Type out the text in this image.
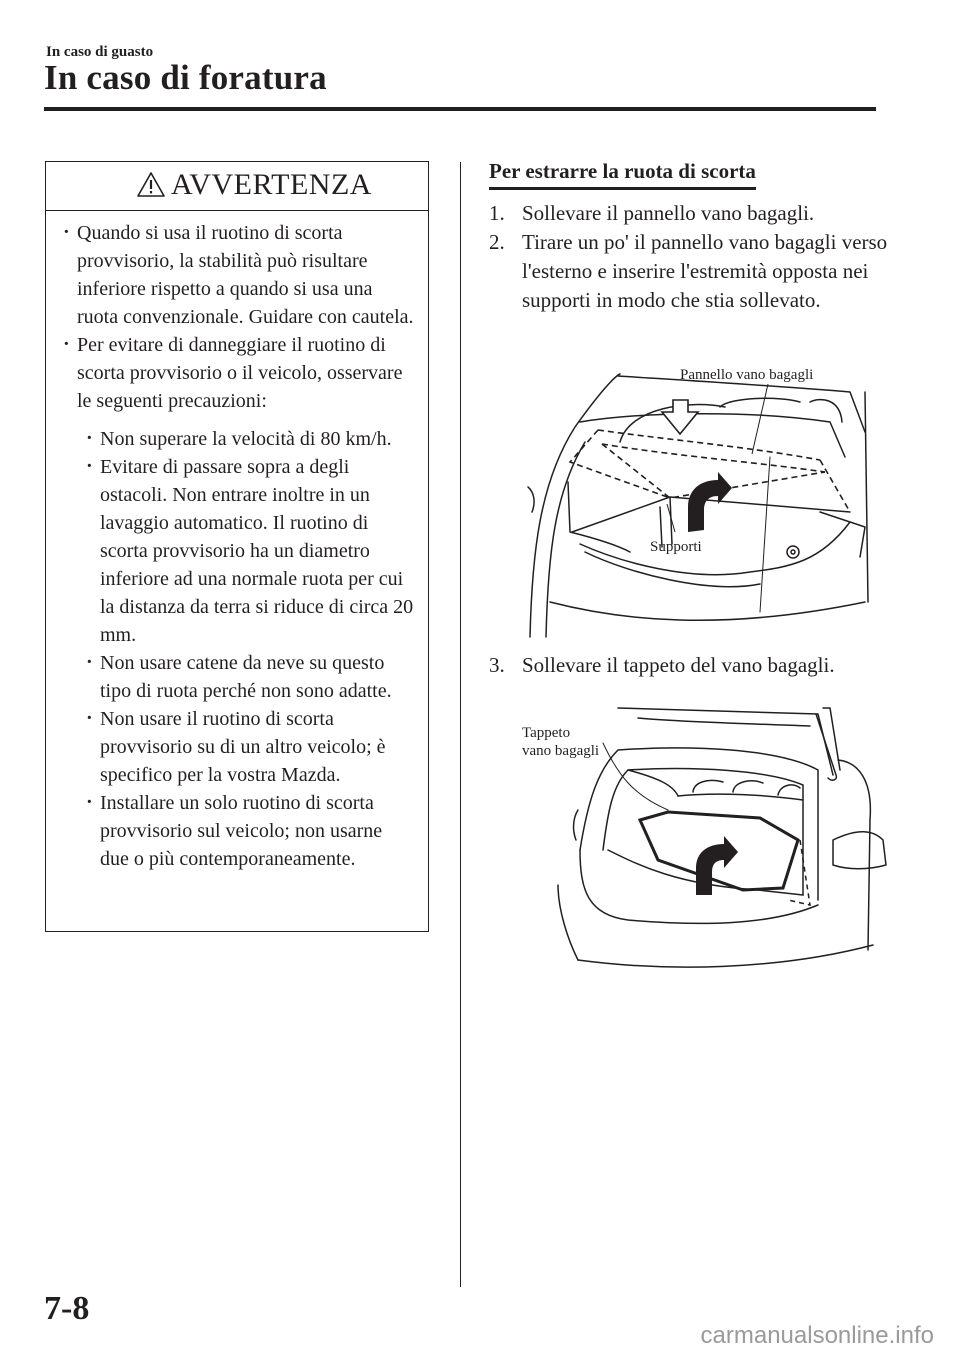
In caso di guasto
In caso di foratura
AVVERTENZA
· Quando si usa il ruotino di scorta provvisorio, la stabilità può risultare inferiore rispetto a quando si usa una ruota convenzionale. Guidare con cautela.
· Per evitare di danneggiare il ruotino di scorta provvisorio o il veicolo, osservare le seguenti precauzioni:
· Non superare la velocità di 80 km/h.
· Evitare di passare sopra a degli ostacoli. Non entrare inoltre in un lavaggio automatico. Il ruotino di scorta provvisorio ha un diametro inferiore ad una normale ruota per cui la distanza da terra si riduce di circa 20 mm.
· Non usare catene da neve su questo tipo di ruota perché non sono adatte.
· Non usare il ruotino di scorta provvisorio su di un altro veicolo; è specifico per la vostra Mazda.
· Installare un solo ruotino di scorta provvisorio sul veicolo; non usarne due o più contemporaneamente.
Per estrarre la ruota di scorta
1. Sollevare il pannello vano bagagli.
2. Tirare un po' il pannello vano bagagli verso l'esterno e inserire l'estremità opposta nei supporti in modo che stia sollevato.
Pannello vano bagagli
Supporti
3. Sollevare il tappeto del vano bagagli.
Tappeto
vano bagagli
7-8
carmanualsonline.info
